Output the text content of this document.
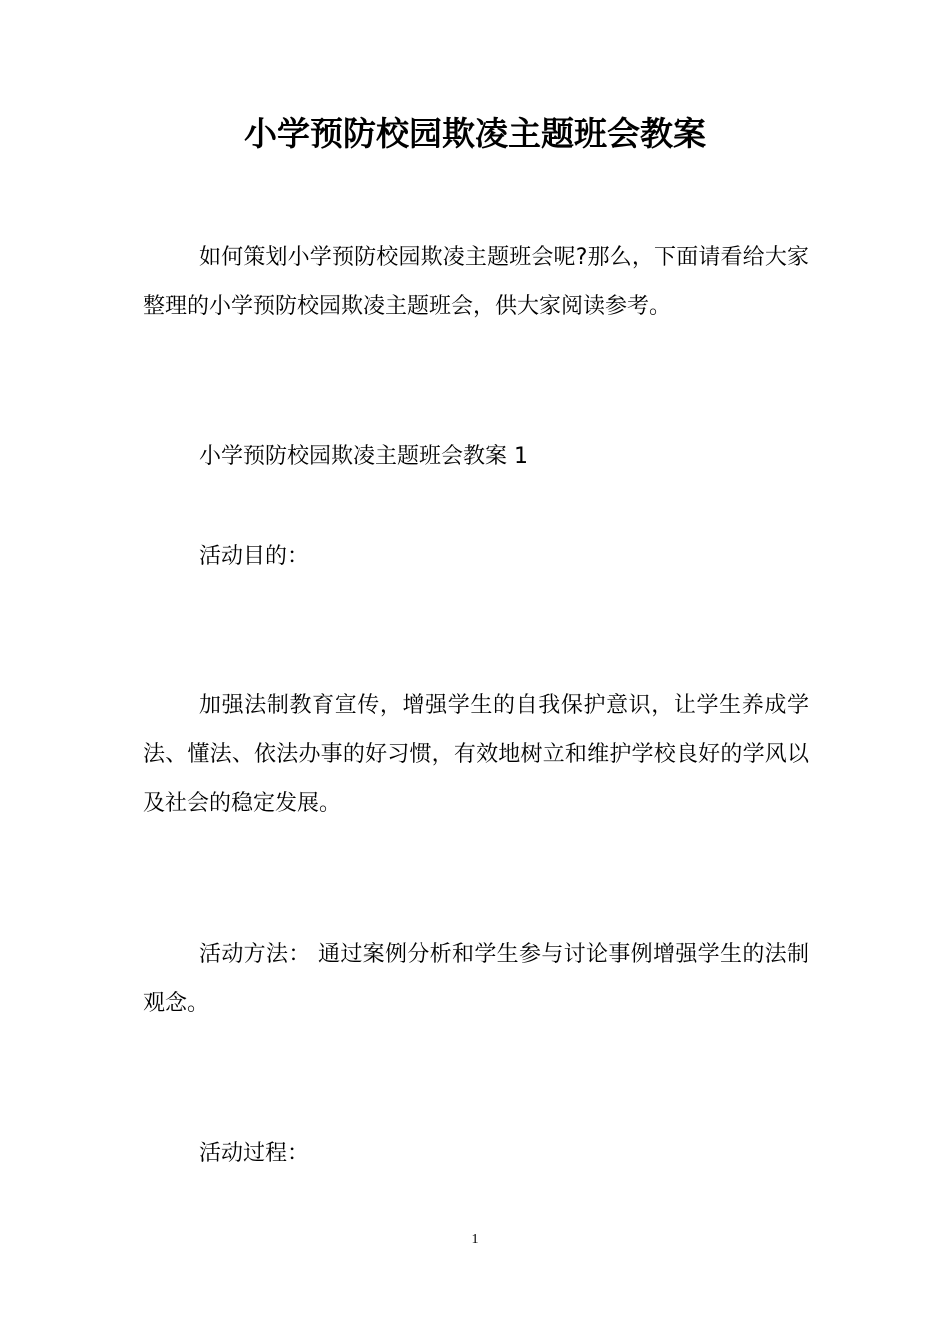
小学预防校园欺凌主题班会教案

如何策划小学预防校园欺凌主题班会呢?那么，下面请看给大家整理的小学预防校园欺凌主题班会，供大家阅读参考。

小学预防校园欺凌主题班会教案 1

活动目的：

加强法制教育宣传，增强学生的自我保护意识，让学生养成学法、懂法、依法办事的好习惯，有效地树立和维护学校良好的学风以及社会的稳定发展。

活动方法： 通过案例分析和学生参与讨论事例增强学生的法制观念。

活动过程：

1
